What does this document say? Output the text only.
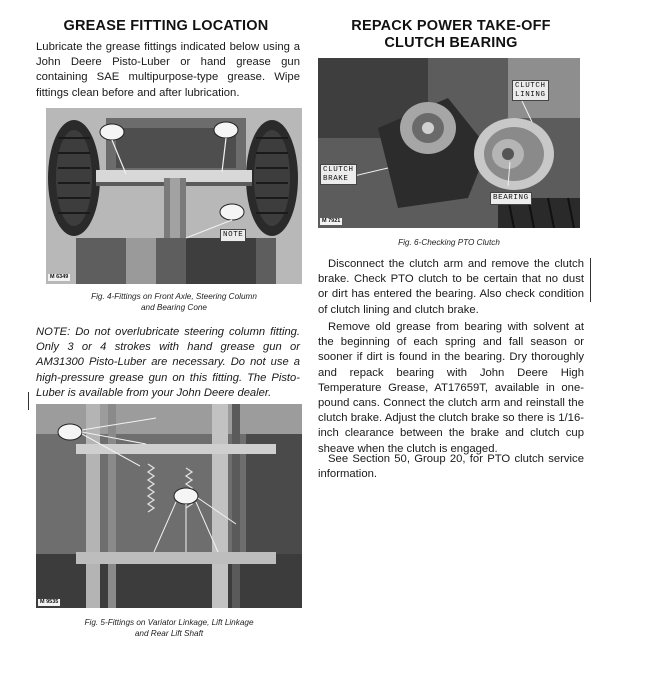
GREASE FITTING LOCATION

Lubricate the grease fittings indicated below using a John Deere Pisto-Luber or hand grease gun containing SAE multipurpose-type grease. Wipe fittings clean before and after lubrication.

M 6349
NOTE
Fig. 4-Fittings on Front Axle, Steering Column
and Bearing Cone

NOTE: Do not overlubricate steering column fitting. Only 3 or 4 strokes with hand grease gun or AM31300 Pisto-Luber are necessary. Do not use a high-pressure grease gun on this fitting. The Pisto-Luber is available from your John Deere dealer.

M 9535
Fig. 5-Fittings on Variator Linkage, Lift Linkage
and Rear Lift Shaft
REPACK POWER TAKE-OFF
CLUTCH BEARING
CLUTCH
LINING
CLUTCH
BRAKE
BEARING
M 7921
Fig. 6-Checking PTO Clutch

Disconnect the clutch arm and remove the clutch brake. Check PTO clutch to be certain that no dust or dirt has entered the bearing. Also check condition of clutch lining and clutch brake.

Remove old grease from bearing with solvent at the beginning of each spring and fall season or sooner if dirt is found in the bearing. Dry thoroughly and repack bearing with John Deere High Temperature Grease, AT17659T, available in one-pound cans. Connect the clutch arm and reinstall the clutch brake. Adjust the clutch brake so there is 1/16-inch clearance between the brake and clutch cup sheave when the clutch is engaged.

See Section 50, Group 20, for PTO clutch service information.
